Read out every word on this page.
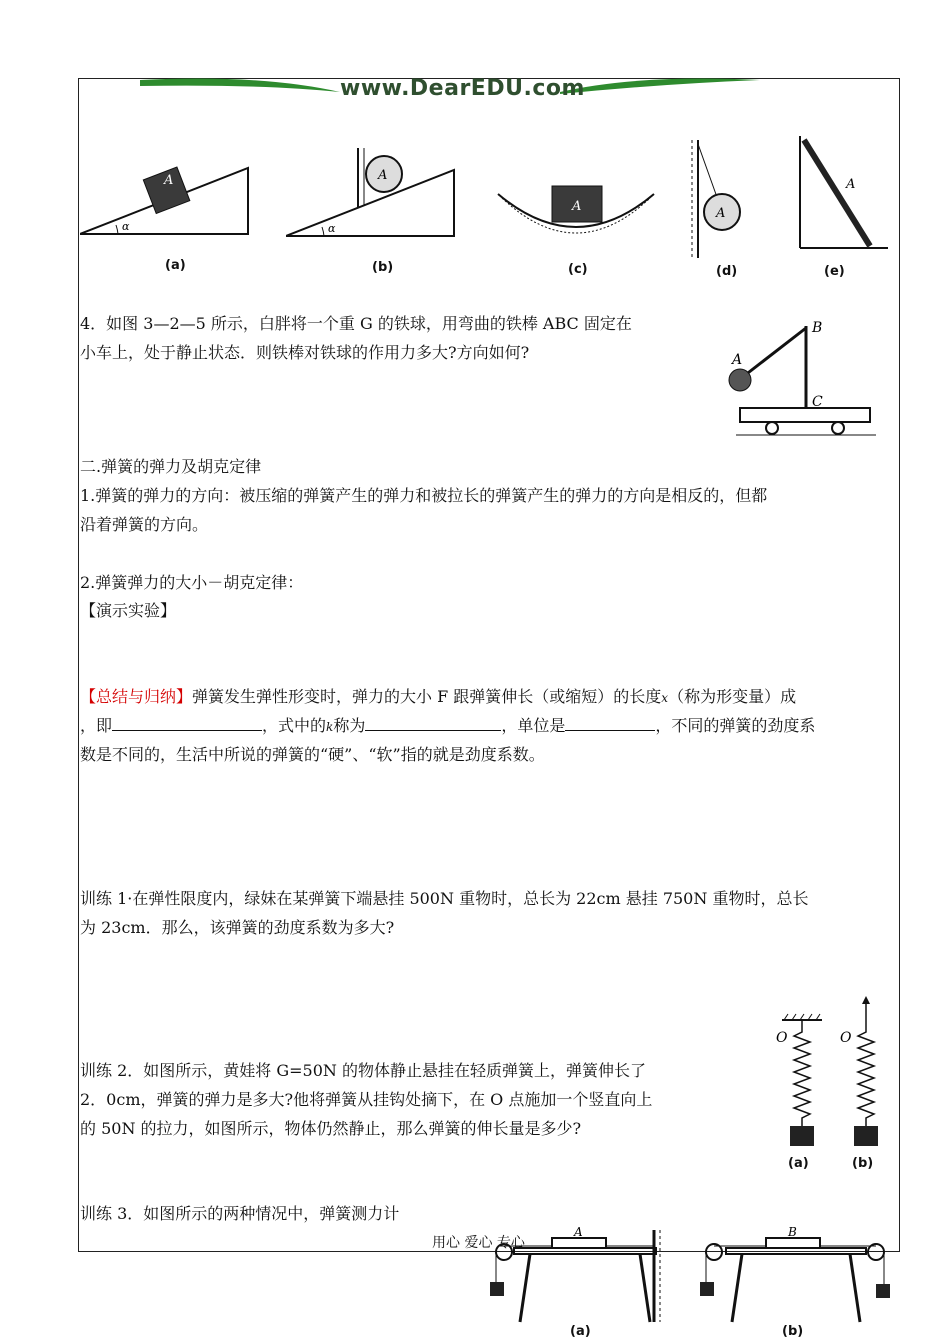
www.DearEDU.com
A
α
(a)
A
α
(b)
A
(c)
A
(d)
A
(e)
4．如图 3—2—5 所示，白胖将一个重 G 的铁球，用弯曲的铁棒 ABC 固定在
小车上，处于静止状态．则铁棒对铁球的作用力多大?方向如何?	A
B
C
二.弹簧的弹力及胡克定律
1.弹簧的弹力的方向：被压缩的弹簧产生的弹力和被拉长的弹簧产生的弹力的方向是相反的，但都
沿着弹簧的方向。
2.弹簧弹力的大小－胡克定律：
【演示实验】
【总结与归纳】弹簧发生弹性形变时，弹力的大小 F 跟弹簧伸长（或缩短）的长度x（称为形变量）成
，即	，式中的k称为	，单位是	，不同的弹簧的劲度系
数是不同的，生活中所说的弹簧的“硬”、“软”指的就是劲度系数。
训练 1·在弹性限度内，绿妹在某弹簧下端悬挂 500N 重物时，总长为 22cm 悬挂 750N 重物时，总长
为 23cm．那么，该弹簧的劲度系数为多大?
训练 2．如图所示，黄娃将 G=50N 的物体静止悬挂在轻质弹簧上，弹簧伸长了
2．0cm，弹簧的弹力是多大?他将弹簧从挂钩处摘下，在 O 点施加一个竖直向上
的 50N 的拉力，如图所示，物体仍然静止，那么弹簧的伸长量是多少?
O	O
(a)	(b)
训练 3．如图所示的两种情况中，弹簧测力计
用心 爱心 专心
A
(a)
B
(b)
